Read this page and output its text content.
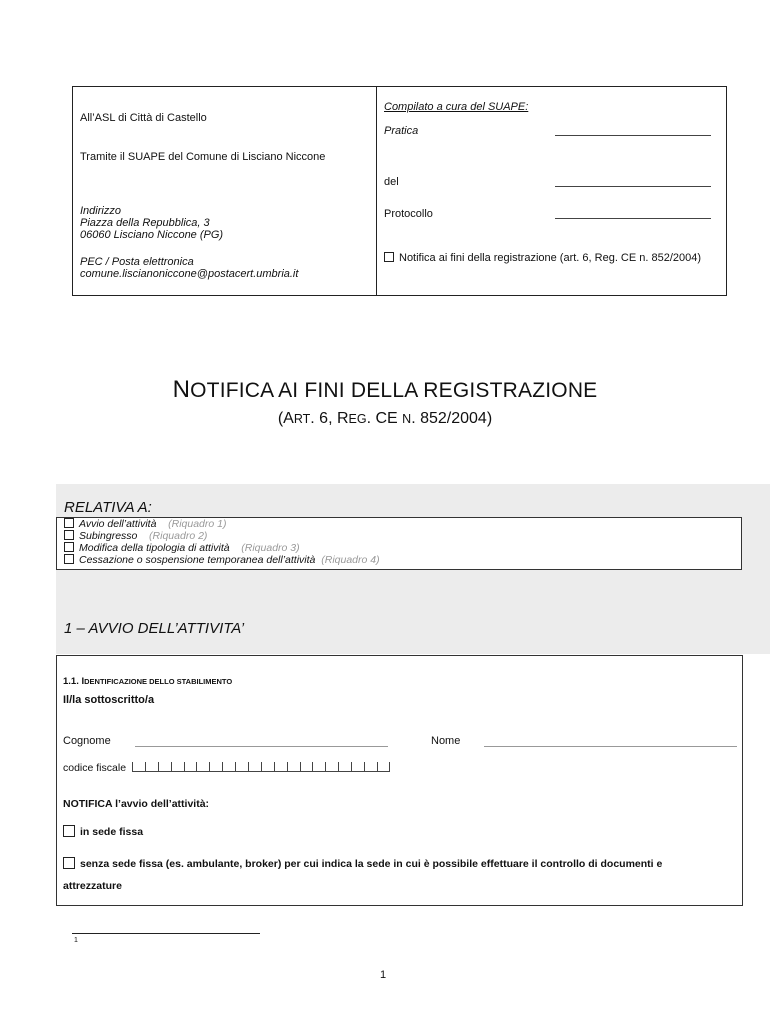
All’ASL di Città di Castello
Tramite il SUAPE del Comune di Lisciano Niccone
Indirizzo
Piazza della Repubblica, 3
06060 Lisciano Niccone (PG)
PEC / Posta elettronica
comune.liscianoniccone@postacert.umbria.it
Compilato a cura del SUAPE:
Pratica
del
Protocollo
Notifica ai fini della registrazione (art. 6, Reg. CE n. 852/2004)
NOTIFICA AI FINI DELLA REGISTRAZIONE
(ART. 6, REG. CE N. 852/2004)
RELATIVA A:
Avvio dell’attività (Riquadro 1)
Subingresso (Riquadro 2)
Modifica della tipologia di attività (Riquadro 3)
Cessazione o sospensione temporanea dell’attività (Riquadro 4)
1 – AVVIO DELL’ATTIVITA’
1.1. IDENTIFICAZIONE DELLO STABILIMENTO
Il/la sottoscritto/a
Cognome	Nome
codice fiscale
NOTIFICA l’avvio dell’attività:
in sede fissa
senza sede fissa (es. ambulante, broker) per cui indica la sede in cui è possibile effettuare il controllo di documenti e
attrezzature
1
1
